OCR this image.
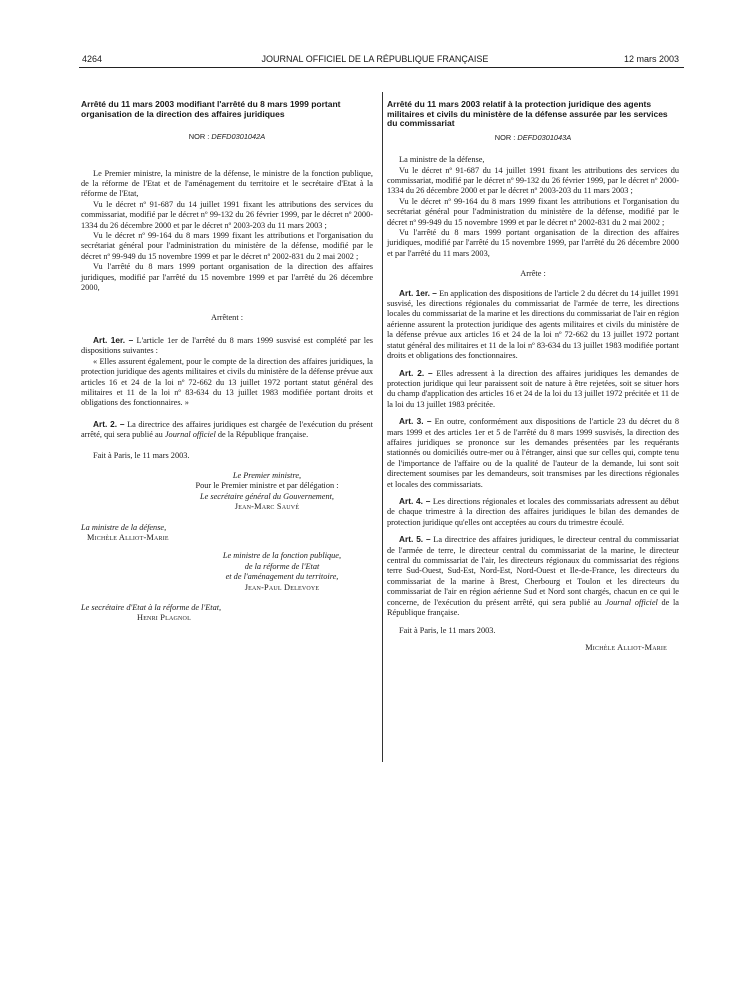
4264	JOURNAL OFFICIEL DE LA RÉPUBLIQUE FRANÇAISE	12 mars 2003

Arrêté du 11 mars 2003 modifiant l'arrêté du 8 mars 1999 portant organisation de la direction des affaires juridiques

NOR : DEFD0301042A

Le Premier ministre, la ministre de la défense, le ministre de la fonction publique, de la réforme de l'Etat et de l'aménagement du territoire et le secrétaire d'Etat à la réforme de l'Etat,

Vu le décret nº 91-687 du 14 juillet 1991 fixant les attributions des services du commissariat, modifié par le décret nº 99-132 du 26 février 1999, par le décret nº 2000-1334 du 26 décembre 2000 et par le décret nº 2003-203 du 11 mars 2003 ;

Vu le décret nº 99-164 du 8 mars 1999 fixant les attributions et l'organisation du secrétariat général pour l'administration du ministère de la défense, modifié par le décret nº 99-949 du 15 novembre 1999 et par le décret nº 2002-831 du 2 mai 2002 ;

Vu l'arrêté du 8 mars 1999 portant organisation de la direction des affaires juridiques, modifié par l'arrêté du 15 novembre 1999 et par l'arrêté du 26 décembre 2000,

Arrêtent :

Art. 1er. – L'article 1er de l'arrêté du 8 mars 1999 susvisé est complété par les dispositions suivantes :

« Elles assurent également, pour le compte de la direction des affaires juridiques, la protection juridique des agents militaires et civils du ministère de la défense prévue aux articles 16 et 24 de la loi nº 72-662 du 13 juillet 1972 portant statut général des militaires et 11 de la loi nº 83-634 du 13 juillet 1983 modifiée portant droits et obligations des fonctionnaires. »

Art. 2. – La directrice des affaires juridiques est chargée de l'exécution du présent arrêté, qui sera publié au Journal officiel de la République française.

Fait à Paris, le 11 mars 2003.

Le Premier ministre,

Pour le Premier ministre et par délégation :

Le secrétaire général du Gouvernement,

Jean-Marc Sauvé

La ministre de la défense,

Michèle Alliot-Marie

Le ministre de la fonction publique,

de la réforme de l'Etat

et de l'aménagement du territoire,

Jean-Paul Delevoye

Le secrétaire d'Etat à la réforme de l'Etat,

Henri Plagnol

Arrêté du 11 mars 2003 relatif à la protection juridique des agents militaires et civils du ministère de la défense assurée par les services du commissariat

NOR : DEFD0301043A

La ministre de la défense,

Vu le décret nº 91-687 du 14 juillet 1991 fixant les attributions des services du commissariat, modifié par le décret nº 99-132 du 26 février 1999, par le décret nº 2000-1334 du 26 décembre 2000 et par le décret nº 2003-203 du 11 mars 2003 ;

Vu le décret nº 99-164 du 8 mars 1999 fixant les attributions et l'organisation du secrétariat général pour l'administration du ministère de la défense, modifié par le décret nº 99-949 du 15 novembre 1999 et par le décret nº 2002-831 du 2 mai 2002 ;

Vu l'arrêté du 8 mars 1999 portant organisation de la direction des affaires juridiques, modifié par l'arrêté du 15 novembre 1999, par l'arrêté du 26 décembre 2000 et par l'arrêté du 11 mars 2003,

Arrête :

Art. 1er. – En application des dispositions de l'article 2 du décret du 14 juillet 1991 susvisé, les directions régionales du commissariat de l'armée de terre, les directions locales du commissariat de la marine et les directions du commissariat de l'air en région aérienne assurent la protection juridique des agents militaires et civils du ministère de la défense prévue aux articles 16 et 24 de la loi nº 72-662 du 13 juillet 1972 portant statut général des militaires et 11 de la loi nº 83-634 du 13 juillet 1983 modifiée portant droits et obligations des fonctionnaires.

Art. 2. – Elles adressent à la direction des affaires juridiques les demandes de protection juridique qui leur paraissent soit de nature à être rejetées, soit se situer hors du champ d'application des articles 16 et 24 de la loi du 13 juillet 1972 précitée et 11 de la loi du 13 juillet 1983 précitée.

Art. 3. – En outre, conformément aux dispositions de l'article 23 du décret du 8 mars 1999 et des articles 1er et 5 de l'arrêté du 8 mars 1999 susvisés, la direction des affaires juridiques se prononce sur les demandes présentées par les requérants stationnés ou domiciliés outre-mer ou à l'étranger, ainsi que sur celles qui, compte tenu de l'importance de l'affaire ou de la qualité de l'auteur de la demande, lui sont soit directement soumises par les demandeurs, soit transmises par les directions régionales et locales des commissariats.

Art. 4. – Les directions régionales et locales des commissariats adressent au début de chaque trimestre à la direction des affaires juridiques le bilan des demandes de protection juridique qu'elles ont acceptées au cours du trimestre écoulé.

Art. 5. – La directrice des affaires juridiques, le directeur central du commissariat de l'armée de terre, le directeur central du commissariat de la marine, le directeur central du commissariat de l'air, les directeurs régionaux du commissariat des régions terre Sud-Ouest, Sud-Est, Nord-Est, Nord-Ouest et Ile-de-France, les directeurs du commissariat de la marine à Brest, Cherbourg et Toulon et les directeurs du commissariat de l'air en région aérienne Sud et Nord sont chargés, chacun en ce qui le concerne, de l'exécution du présent arrêté, qui sera publié au Journal officiel de la République française.

Fait à Paris, le 11 mars 2003.

Michèle Alliot-Marie
